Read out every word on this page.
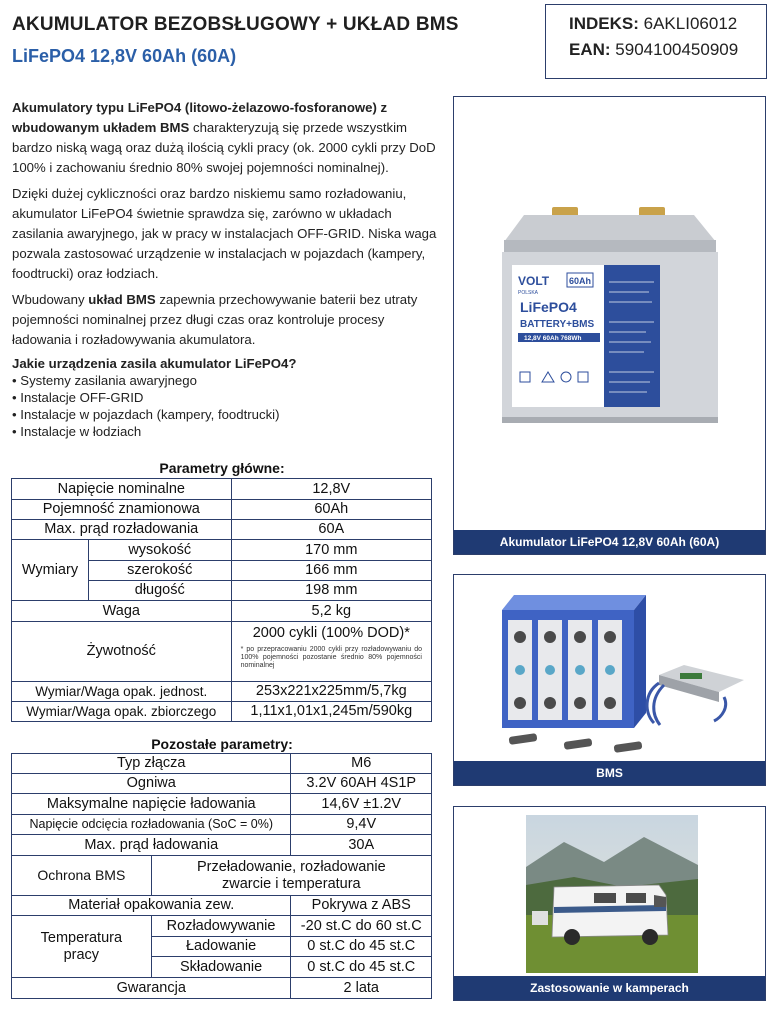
AKUMULATOR BEZOBSŁUGOWY + UKŁAD BMS
LiFePO4 12,8V 60Ah (60A)
INDEKS: 6AKLI06012
EAN: 5904100450909

Akumulatory typu LiFePO4 (litowo-żelazowo-fosforanowe) z wbudowanym układem BMS charakteryzują się przede wszystkim bardzo niską wagą oraz dużą ilością cykli pracy (ok. 2000 cykli przy DoD 100% i zachowaniu średnio 80% swojej pojemności nominalnej).

Dzięki dużej cykliczności oraz bardzo niskiemu samo rozładowaniu, akumulator LiFePO4 świetnie sprawdza się, zarówno w układach zasilania awaryjnego, jak w pracy w instalacjach OFF-GRID. Niska waga pozwala zastosować urządzenie w instalacjach w pojazdach (kampery, foodtrucki) oraz łodziach.

Wbudowany układ BMS zapewnia przechowywanie baterii bez utraty pojemności nominalnej przez długi czas oraz kontroluje procesy ładowania i rozładowywania akumulatora.

Jakie urządzenia zasila akumulator LiFePO4?
• Systemy zasilania awaryjnego
• Instalacje OFF-GRID
• Instalacje w pojazdach (kampery, foodtrucki)
• Instalacje w łodziach
Parametry główne:
Napięcie nominalne		12,8V
Pojemność znamionowa		60Ah
Max. prąd rozładowania		60A
Wymiary	wysokość	170 mm
	szerokość	166 mm
	długość	198 mm
Waga		5,2 kg
Żywotność		2000 cykli (100% DOD)*
* po przepracowaniu 2000 cykli przy rozładowywaniu do 100% pojemności pozostanie średnio 80% pojemności nominalnej

Wymiar/Waga opak. jednost.		253x221x225mm/5,7kg
Wymiar/Waga opak. zbiorczego		1,11x1,01x1,245m/590kg
Pozostałe parametry:
Typ złącza		M6
Ogniwa		3.2V 60AH 4S1P
Maksymalne napięcie ładowania		14,6V ±1.2V
Napięcie odcięcia rozładowania (SoC = 0%)		9,4V
Max. prąd ładowania		30A
Ochrona BMS	Przeładowanie, rozładowanie
zwarcie i temperatura	

Materiał opakowania zew.		Pokrywa z ABS

Temperatura
pracy	Rozładowywanie	-20 st.C do 60 st.C
	Ładowanie	0 st.C do 45 st.C
	Składowanie	0 st.C do 45 st.C
Gwarancja		2 lata
VOLT
POLSKA
60Ah
LiFePO4
BATTERY+BMS
12,8V 60Ah 768Wh
Akumulator LiFePO4 12,8V 60Ah (60A)
BMS
Zastosowanie w kamperach
